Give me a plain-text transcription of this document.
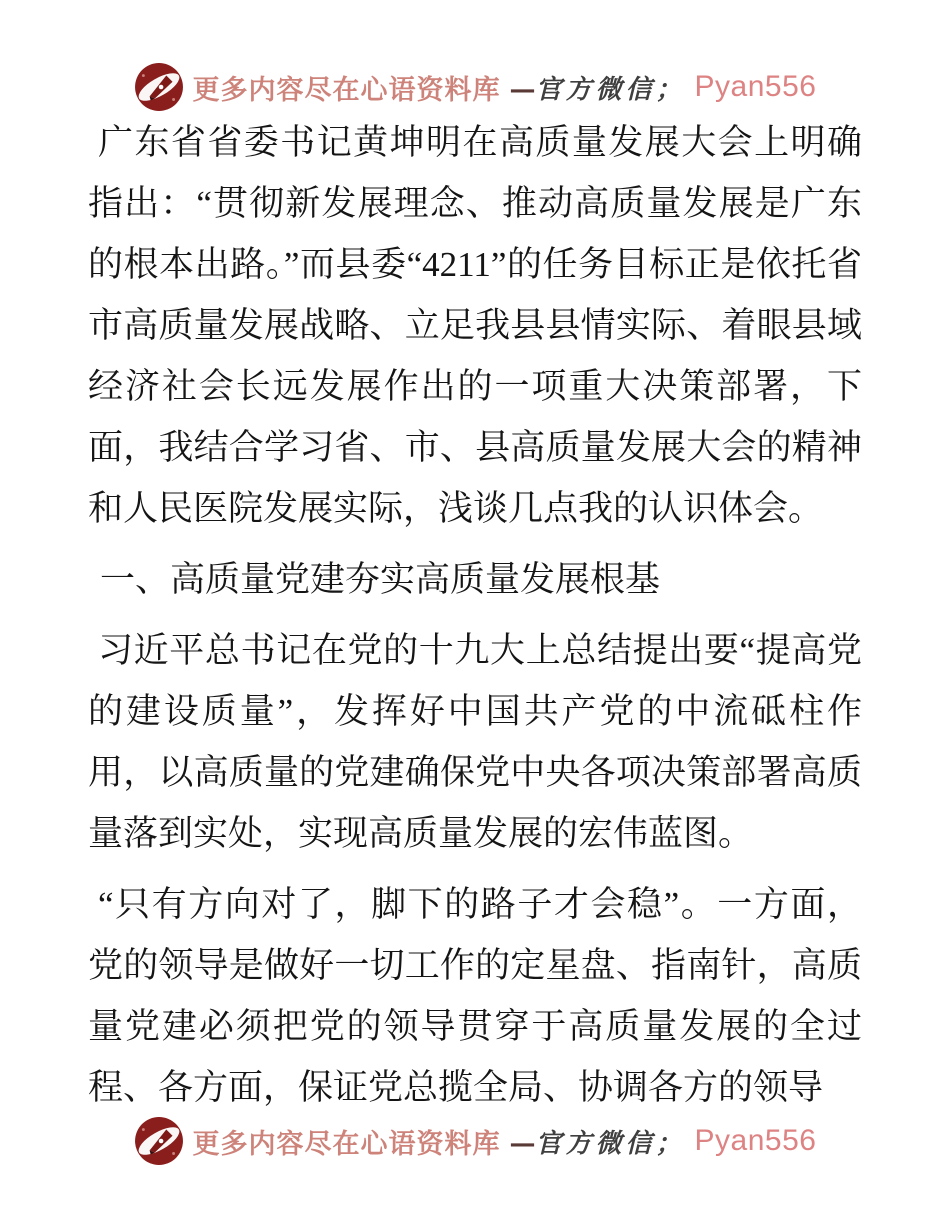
更多内容尽在心语资料库 —官方微信； Pyan556

广东省省委书记黄坤明在高质量发展大会上明确指出：“贯彻新发展理念、推动高质量发展是广东的根本出路。”而县委“4211”的任务目标正是依托省市高质量发展战略、立足我县县情实际、着眼县域经济社会长远发展作出的一项重大决策部署，下面，我结合学习省、市、县高质量发展大会的精神和人民医院发展实际，浅谈几点我的认识体会。

一、高质量党建夯实高质量发展根基

习近平总书记在党的十九大上总结提出要“提高党的建设质量”，发挥好中国共产党的中流砥柱作用，以高质量的党建确保党中央各项决策部署高质量落到实处，实现高质量发展的宏伟蓝图。

“只有方向对了，脚下的路子才会稳”。一方面，党的领导是做好一切工作的定星盘、指南针，高质量党建必须把党的领导贯穿于高质量发展的全过程、各方面，保证党总揽全局、协调各方的领导

更多内容尽在心语资料库 —官方微信； Pyan556
